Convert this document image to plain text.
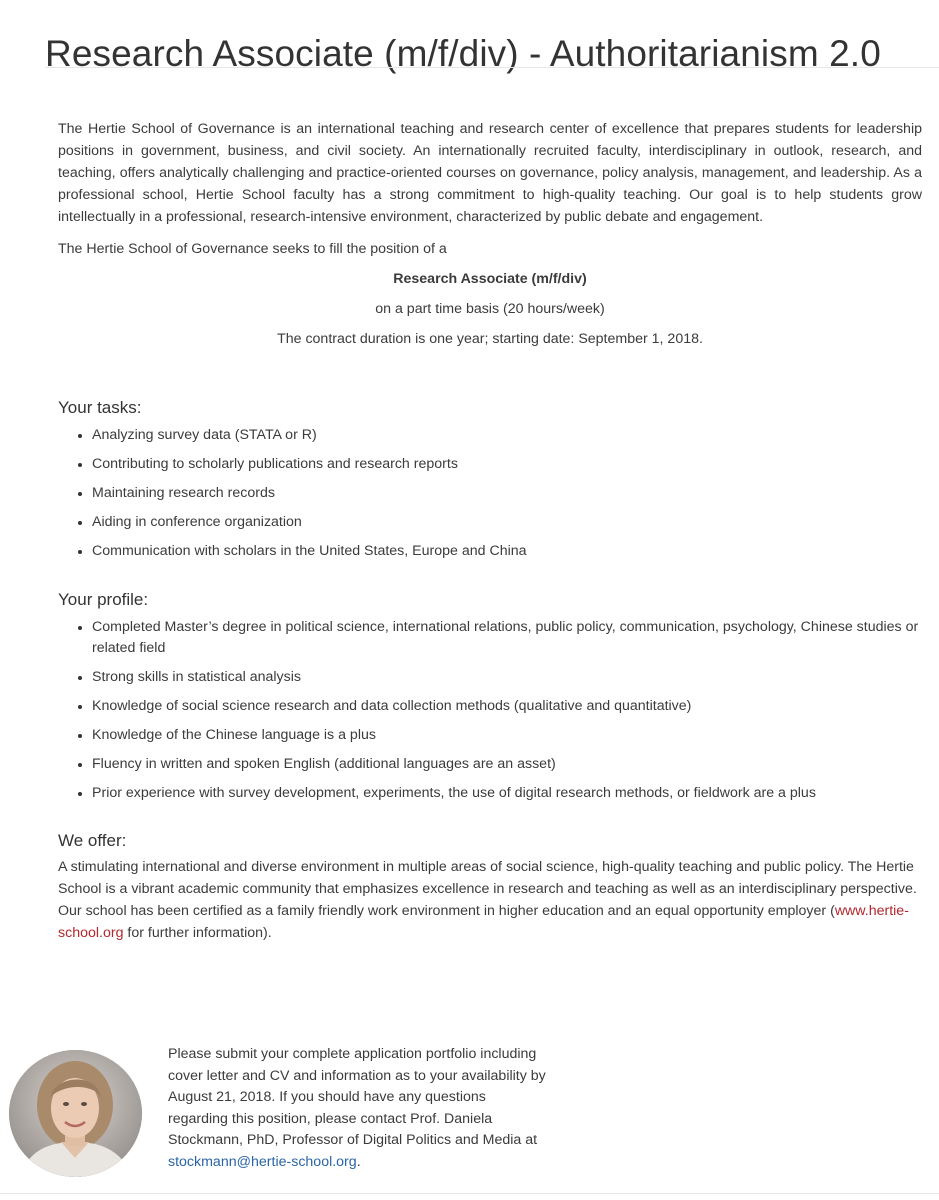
Research Associate (m/f/div) - Authoritarianism 2.0

The Hertie School of Governance is an international teaching and research center of excellence that prepares students for leadership positions in government, business, and civil society. An internationally recruited faculty, interdisciplinary in outlook, research, and teaching, offers analytically challenging and practice-oriented courses on governance, policy analysis, management, and leadership. As a professional school, Hertie School faculty has a strong commitment to high-quality teaching. Our goal is to help students grow intellectually in a professional, research-intensive environment, characterized by public debate and engagement.

The Hertie School of Governance seeks to fill the position of a

Research Associate (m/f/div)

on a part time basis (20 hours/week)

The contract duration is one year; starting date: September 1, 2018.

Your tasks:
• Analyzing survey data (STATA or R)
• Contributing to scholarly publications and research reports
• Maintaining research records
• Aiding in conference organization
• Communication with scholars in the United States, Europe and China
Your profile:
• Completed Master’s degree in political science, international relations, public policy, communication, psychology, Chinese studies or related field
• Strong skills in statistical analysis
• Knowledge of social science research and data collection methods (qualitative and quantitative)
• Knowledge of the Chinese language is a plus
• Fluency in written and spoken English (additional languages are an asset)
• Prior experience with survey development, experiments, the use of digital research methods, or fieldwork are a plus
We offer:

A stimulating international and diverse environment in multiple areas of social science, high-quality teaching and public policy. The Hertie School is a vibrant academic community that emphasizes excellence in research and teaching as well as an interdisciplinary perspective. Our school has been certified as a family friendly work environment in higher education and an equal opportunity employer (www.hertie-school.org for further information).

Please submit your complete application portfolio including cover letter and CV and information as to your availability by August 21, 2018. If you should have any questions regarding this position, please contact Prof. Daniela Stockmann, PhD, Professor of Digital Politics and Media at stockmann@hertie-school.org.
